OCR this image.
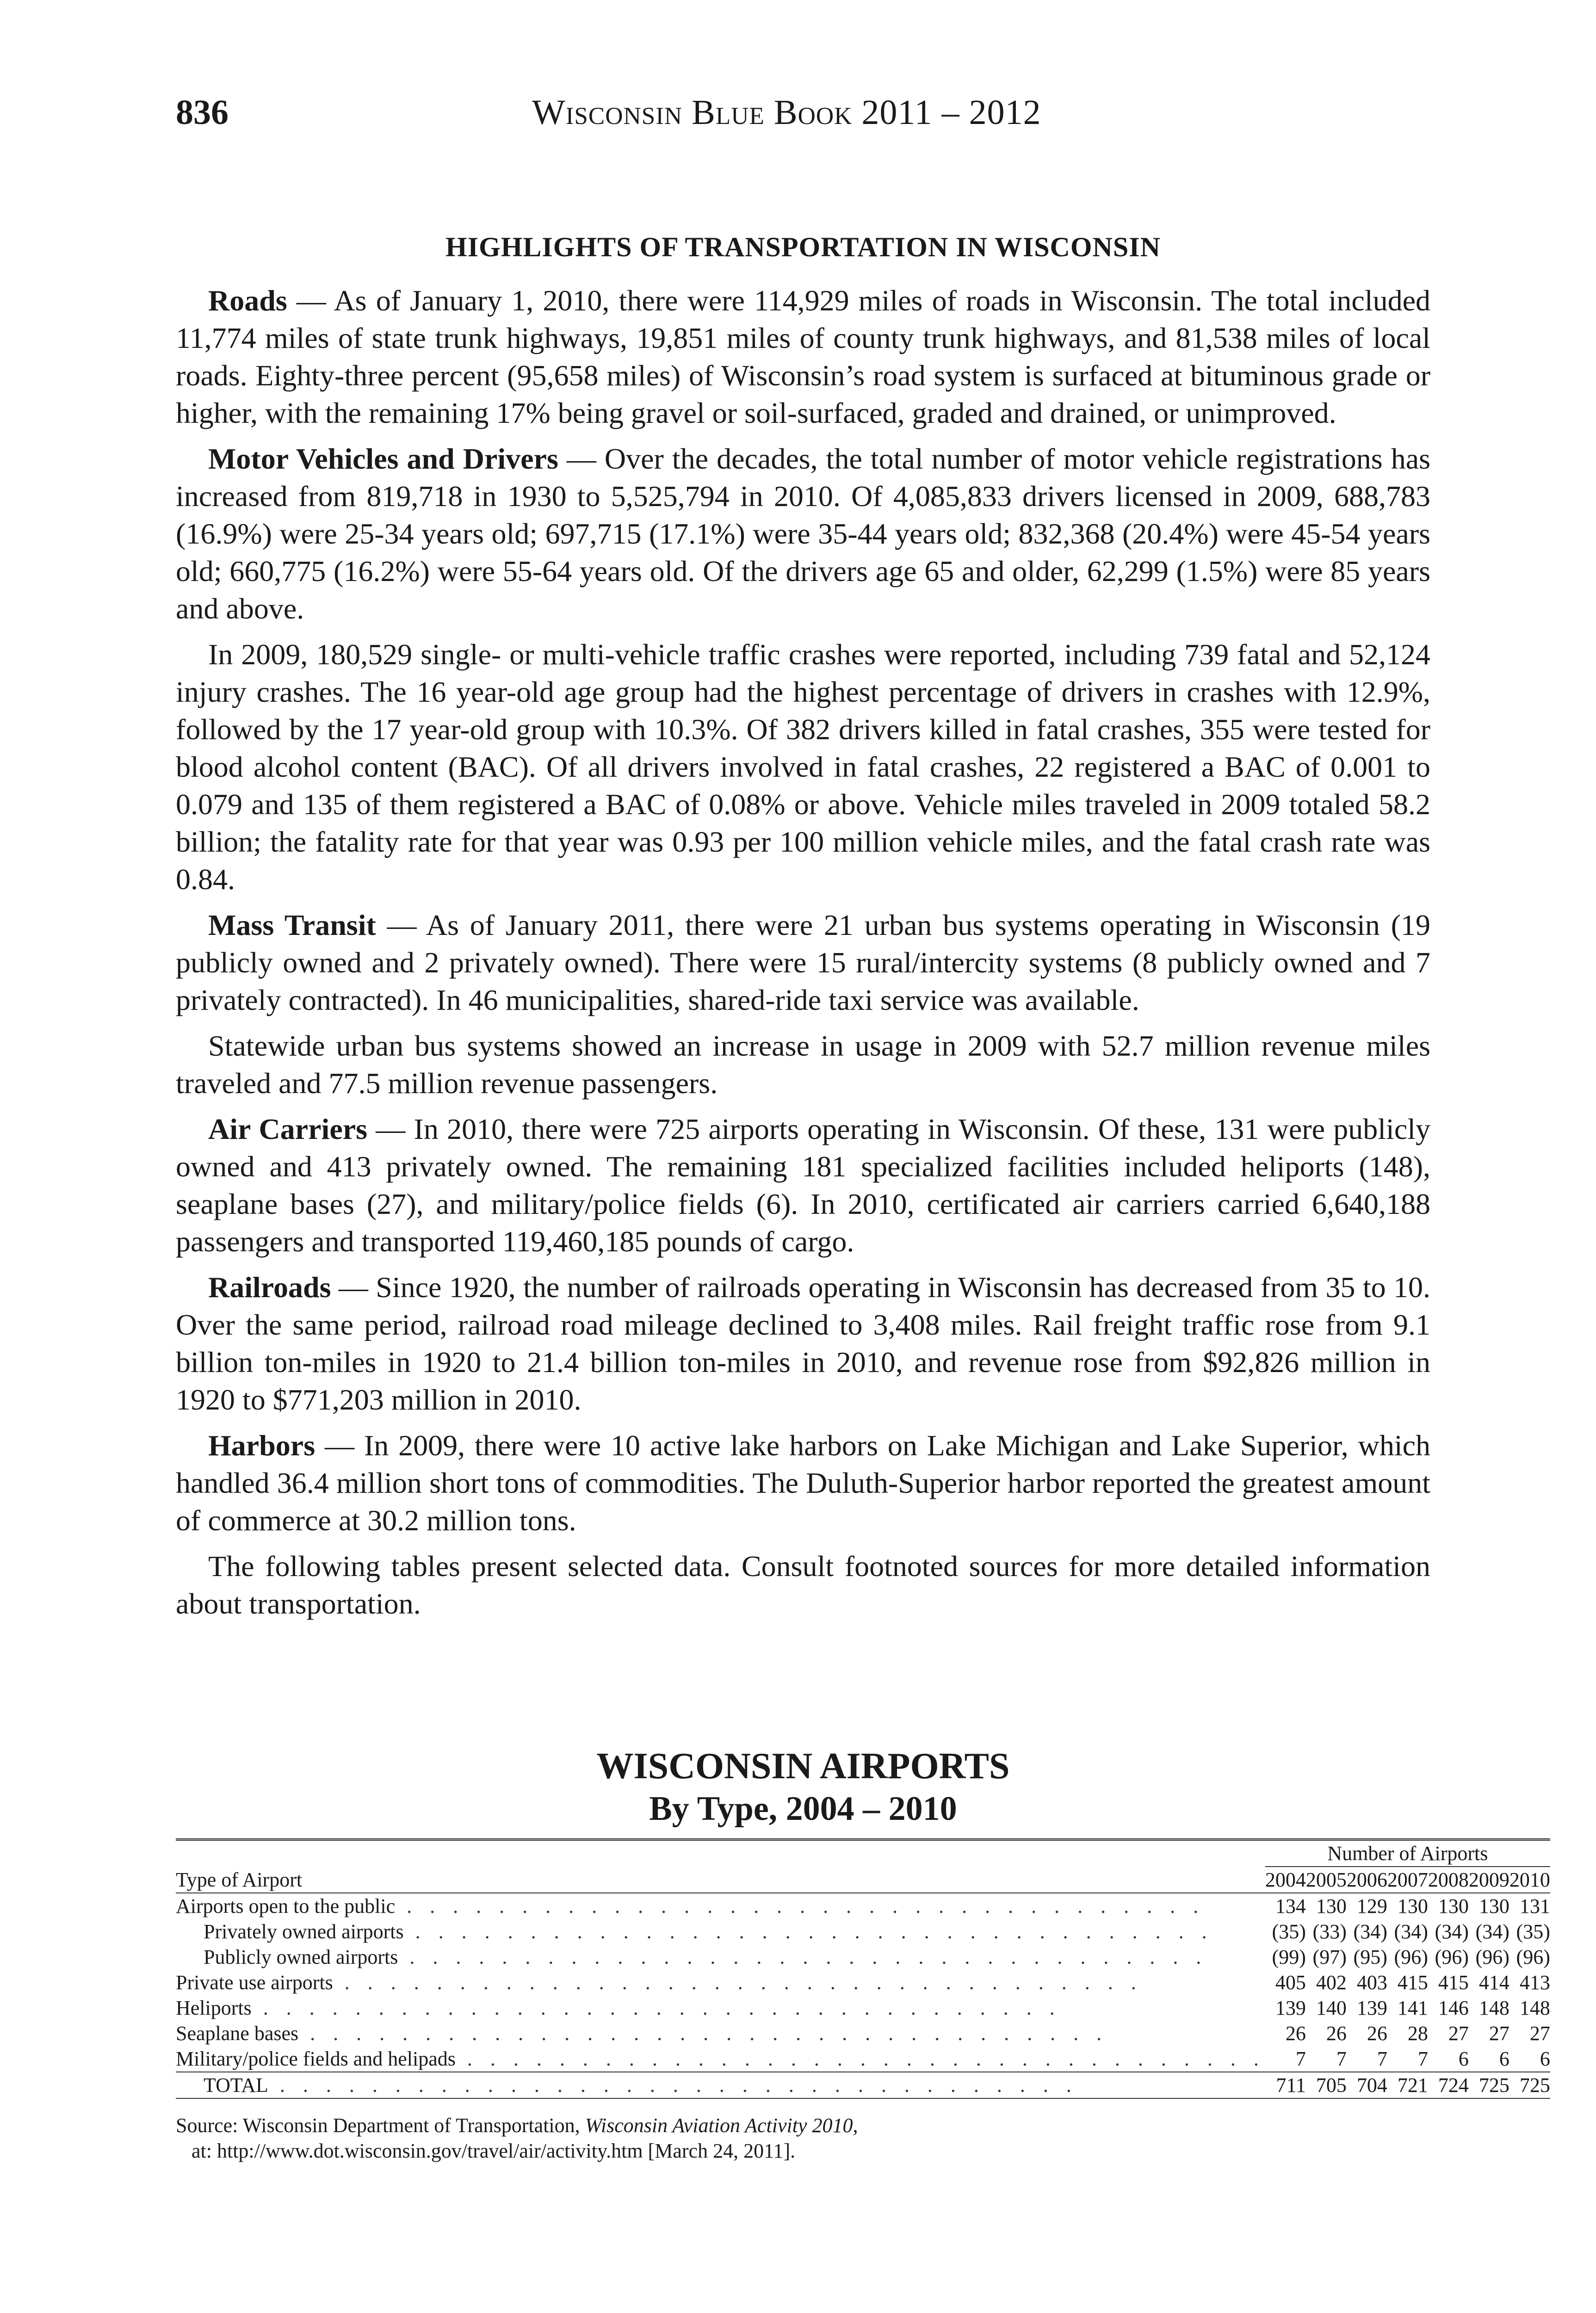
836	Wisconsin Blue Book 2011 – 2012
HIGHLIGHTS OF TRANSPORTATION IN WISCONSIN

Roads — As of January 1, 2010, there were 114,929 miles of roads in Wisconsin. The total included 11,774 miles of state trunk highways, 19,851 miles of county trunk highways, and 81,538 miles of local roads. Eighty-three percent (95,658 miles) of Wisconsin’s road system is surfaced at bituminous grade or higher, with the remaining 17% being gravel or soil-surfaced, graded and drained, or unimproved.

Motor Vehicles and Drivers — Over the decades, the total number of motor vehicle registrations has increased from 819,718 in 1930 to 5,525,794 in 2010. Of 4,085,833 drivers licensed in 2009, 688,783 (16.9%) were 25-34 years old; 697,715 (17.1%) were 35-44 years old; 832,368 (20.4%) were 45-54 years old; 660,775 (16.2%) were 55-64 years old. Of the drivers age 65 and older, 62,299 (1.5%) were 85 years and above.

In 2009, 180,529 single- or multi-vehicle traffic crashes were reported, including 739 fatal and 52,124 injury crashes. The 16 year-old age group had the highest percentage of drivers in crashes with 12.9%, followed by the 17 year-old group with 10.3%. Of 382 drivers killed in fatal crashes, 355 were tested for blood alcohol content (BAC). Of all drivers involved in fatal crashes, 22 registered a BAC of 0.001 to 0.079 and 135 of them registered a BAC of 0.08% or above. Vehicle miles traveled in 2009 totaled 58.2 billion; the fatality rate for that year was 0.93 per 100 million vehicle miles, and the fatal crash rate was 0.84.

Mass Transit — As of January 2011, there were 21 urban bus systems operating in Wisconsin (19 publicly owned and 2 privately owned). There were 15 rural/intercity systems (8 publicly owned and 7 privately contracted). In 46 municipalities, shared-ride taxi service was available.

Statewide urban bus systems showed an increase in usage in 2009 with 52.7 million revenue miles traveled and 77.5 million revenue passengers.

Air Carriers — In 2010, there were 725 airports operating in Wisconsin. Of these, 131 were publicly owned and 413 privately owned. The remaining 181 specialized facilities included heliports (148), seaplane bases (27), and military/police fields (6). In 2010, certificated air carriers carried 6,640,188 passengers and transported 119,460,185 pounds of cargo.

Railroads — Since 1920, the number of railroads operating in Wisconsin has decreased from 35 to 10. Over the same period, railroad road mileage declined to 3,408 miles. Rail freight traffic rose from 9.1 billion ton-miles in 1920 to 21.4 billion ton-miles in 2010, and revenue rose from $92,826 million in 1920 to $771,203 million in 2010.

Harbors — In 2009, there were 10 active lake harbors on Lake Michigan and Lake Superior, which handled 36.4 million short tons of commodities. The Duluth-Superior harbor reported the greatest amount of commerce at 30.2 million tons.

The following tables present selected data. Consult footnoted sources for more detailed information about transportation.

WISCONSIN AIRPORTS
By Type, 2004 – 2010
	Number of Airports						
Type of Airport	2004	2005	2006	2007	2008	2009	2010
Airports open to the public . . . . . . . . . . . . . . . . . . . . . . . . . . . . . . . . . . .	134	130	129	130	130	130	131
Privately owned airports . . . . . . . . . . . . . . . . . . . . . . . . . . . . . . . . . . .	(35)	(33)	(34)	(34)	(34)	(34)	(35)
Publicly owned airports . . . . . . . . . . . . . . . . . . . . . . . . . . . . . . . . . . .	(99)	(97)	(95)	(96)	(96)	(96)	(96)
Private use airports . . . . . . . . . . . . . . . . . . . . . . . . . . . . . . . . . . .	405	402	403	415	415	414	413
Heliports . . . . . . . . . . . . . . . . . . . . . . . . . . . . . . . . . . .	139	140	139	141	146	148	148
Seaplane bases . . . . . . . . . . . . . . . . . . . . . . . . . . . . . . . . . . .	26	26	26	28	27	27	27
Military/police fields and helipads . . . . . . . . . . . . . . . . . . . . . . . . . . . . . . . . . . .	7	7	7	7	6	6	6
TOTAL . . . . . . . . . . . . . . . . . . . . . . . . . . . . . . . . . . .	711	705	704	721	724	725	725
Source: Wisconsin Department of Transportation, Wisconsin Aviation Activity 2010,
at: http://www.dot.wisconsin.gov/travel/air/activity.htm [March 24, 2011].
